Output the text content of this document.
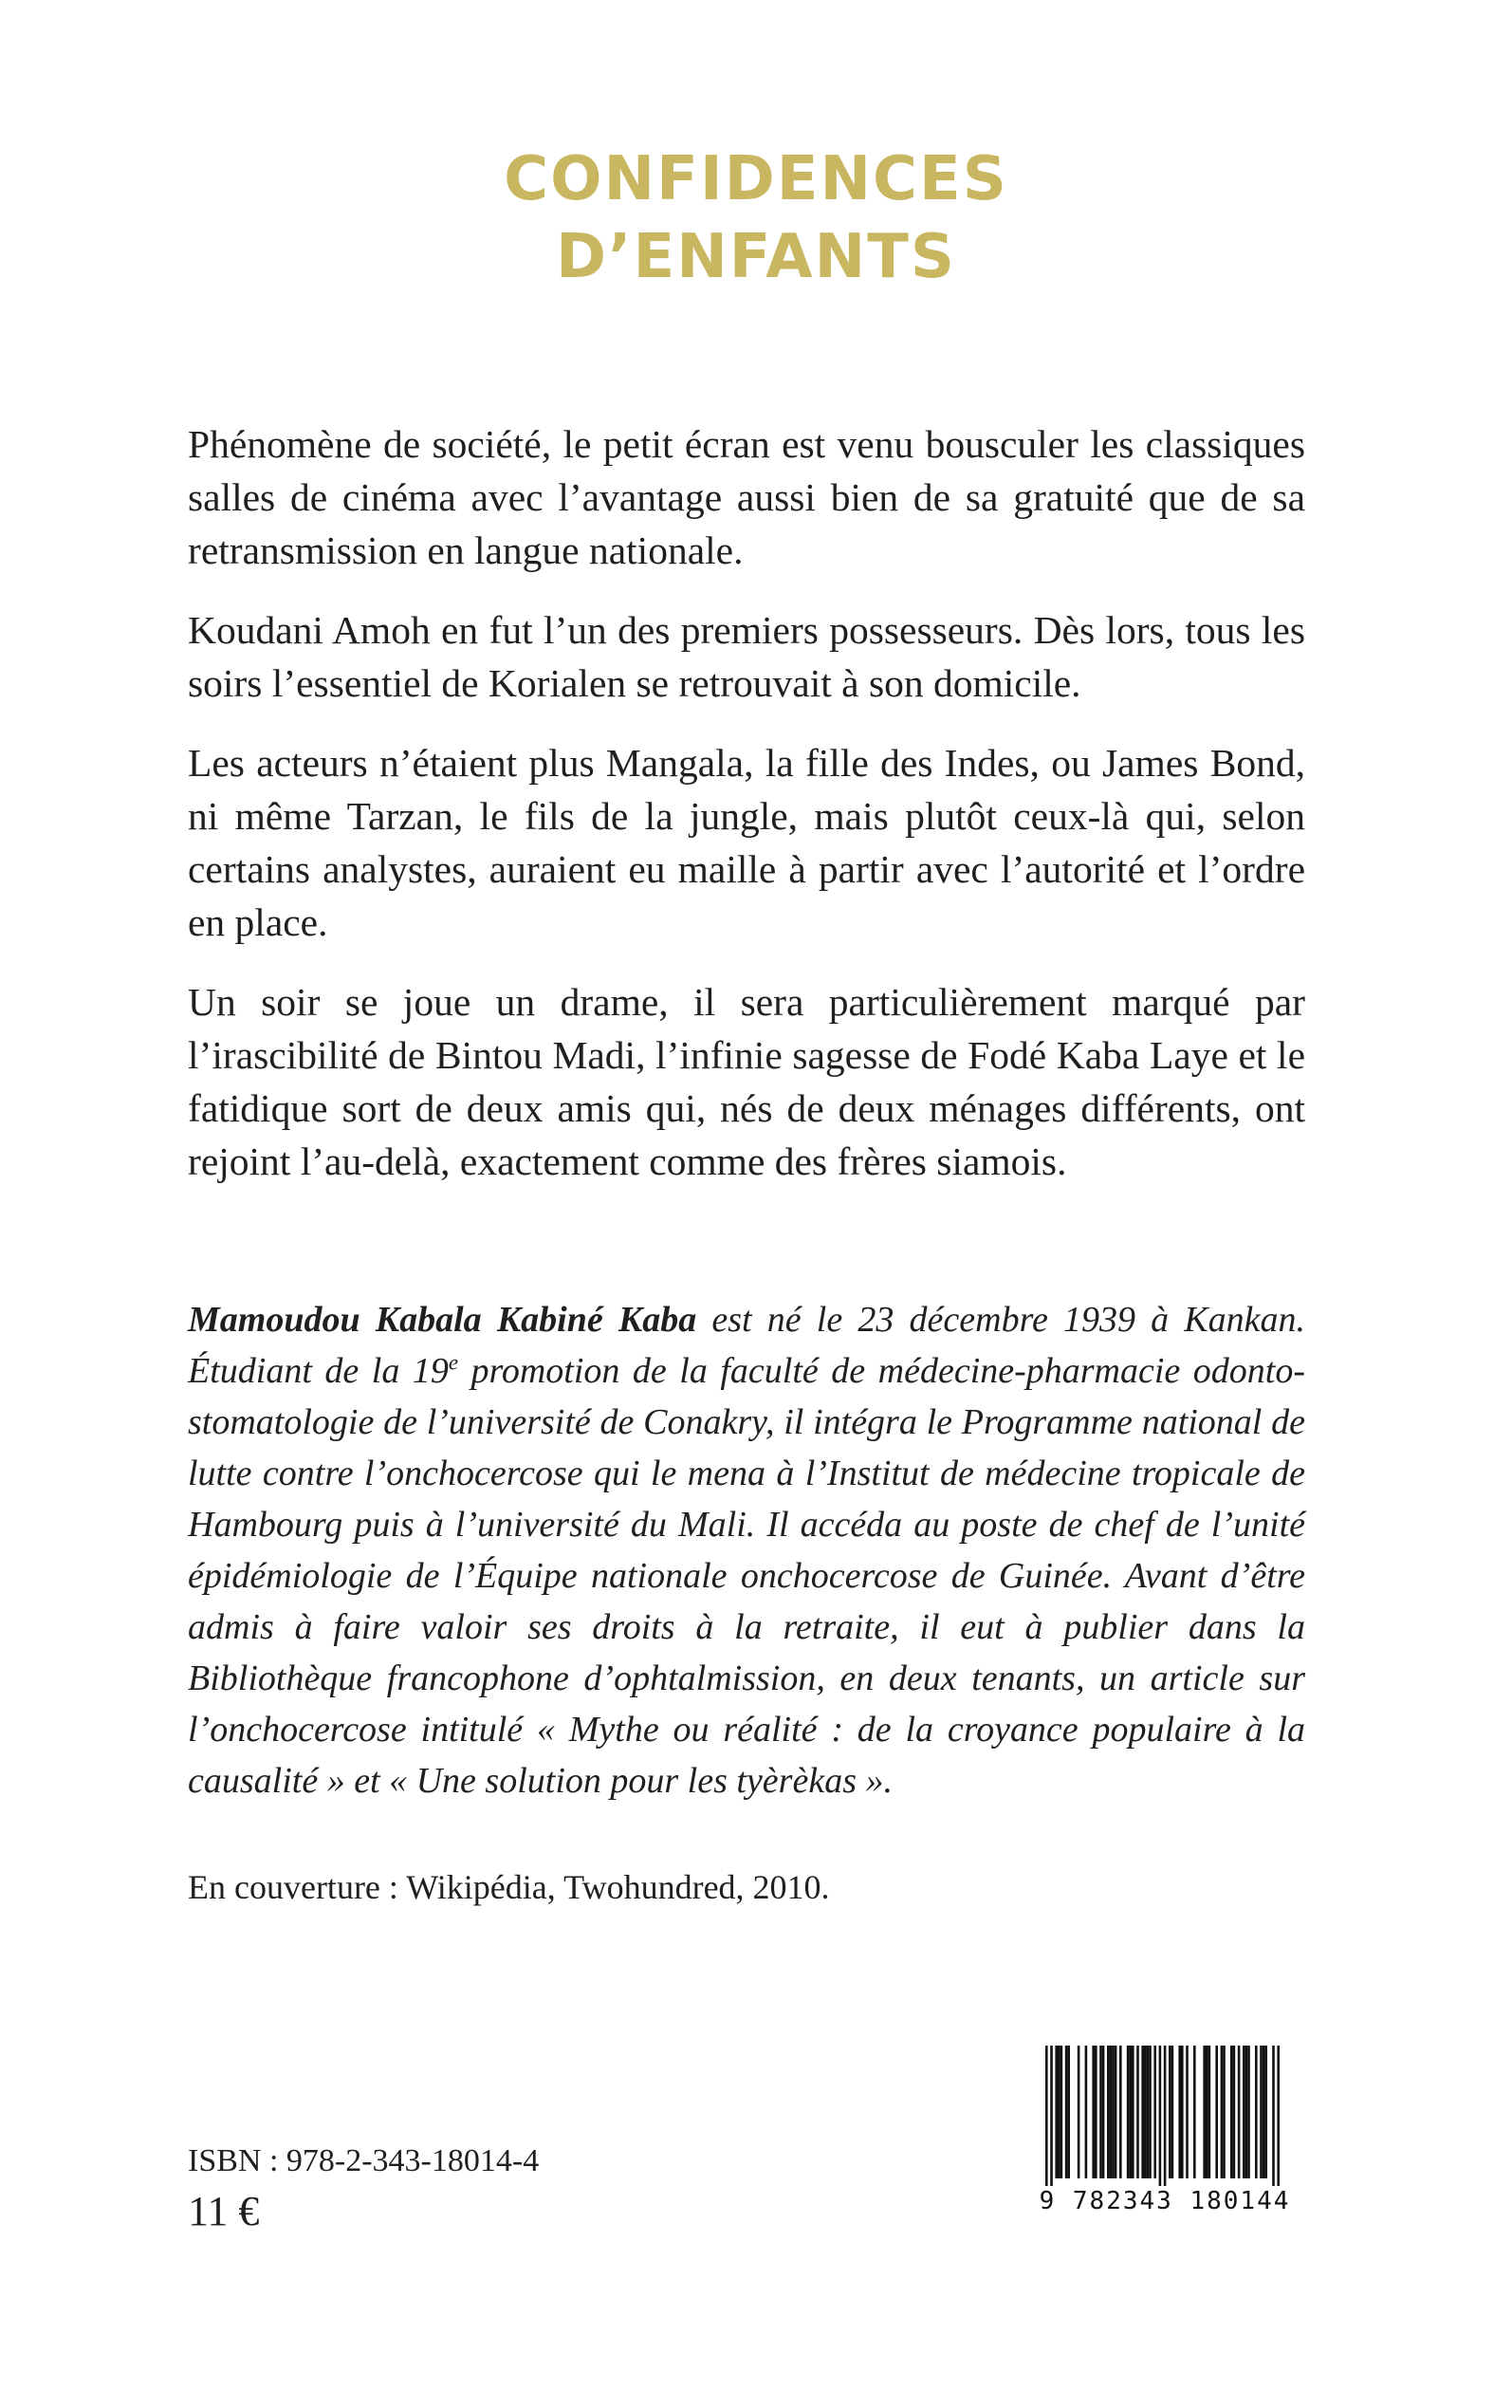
CONFIDENCES
D’ENFANTS

Phénomène de société, le petit écran est venu bousculer les classiques salles de cinéma avec l’avantage aussi bien de sa gratuité que de sa retransmission en langue nationale.

Koudani Amoh en fut l’un des premiers possesseurs. Dès lors, tous les soirs l’essentiel de Korialen se retrouvait à son domicile.

Les acteurs n’étaient plus Mangala, la fille des Indes, ou James Bond, ni même Tarzan, le fils de la jungle, mais plutôt ceux-là qui, selon certains analystes, auraient eu maille à partir avec l’autorité et l’ordre en place.

Un soir se joue un drame, il sera particulièrement marqué par l’irascibilité de Bintou Madi, l’infinie sagesse de Fodé Kaba Laye et le fatidique sort de deux amis qui, nés de deux ménages différents, ont rejoint l’au-delà, exactement comme des frères siamois.

Mamoudou Kabala Kabiné Kaba est né le 23 décembre 1939 à Kankan. Étudiant de la 19e promotion de la faculté de médecine-pharmacie odonto-stomatologie de l’université de Conakry, il intégra le Programme national de lutte contre l’onchocercose qui le mena à l’Institut de médecine tropicale de Hambourg puis à l’université du Mali. Il accéda au poste de chef de l’unité épidémiologie de l’Équipe nationale onchocercose de Guinée. Avant d’être admis à faire valoir ses droits à la retraite, il eut à publier dans la Bibliothèque francophone d’ophtalmission, en deux tenants, un article sur l’onchocercose intitulé « Mythe ou réalité : de la croyance populaire à la causalité » et « Une solution pour les tyèrèkas ».

En couverture : Wikipédia, Twohundred, 2010.
ISBN : 978-2-343-18014-4
11 €	9 782343 180144
